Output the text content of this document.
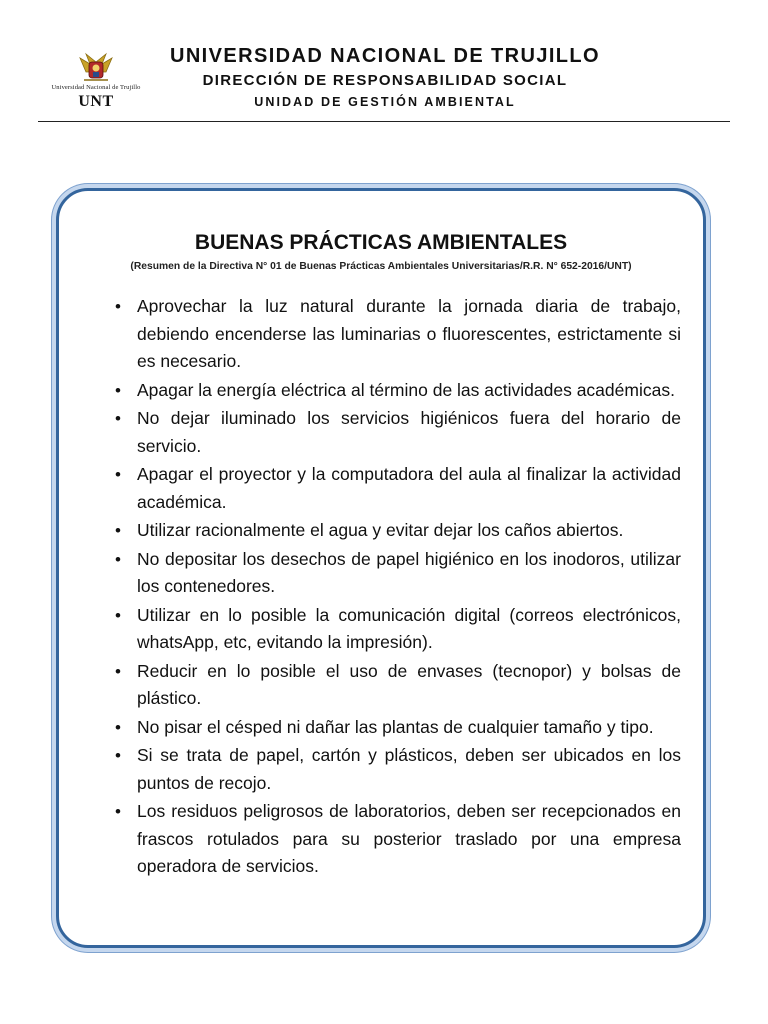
Universidad Nacional de Trujillo
UNT
UNIVERSIDAD NACIONAL DE TRUJILLO
DIRECCIÓN DE RESPONSABILIDAD SOCIAL
UNIDAD DE GESTIÓN AMBIENTAL
BUENAS PRÁCTICAS AMBIENTALES
(Resumen de la Directiva N° 01 de Buenas Prácticas Ambientales Universitarias/R.R. N° 652-2016/UNT)
• Aprovechar la luz natural durante la jornada diaria de trabajo, debiendo encenderse las luminarias o fluorescentes, estrictamente si es necesario.
• Apagar la energía eléctrica al término de las actividades académicas.
• No dejar iluminado los servicios higiénicos fuera del horario de servicio.
• Apagar el proyector y la computadora del aula al finalizar la actividad académica.
• Utilizar racionalmente el agua y evitar dejar los caños abiertos.
• No depositar los desechos de papel higiénico en los inodoros, utilizar los contenedores.
• Utilizar en lo posible la comunicación digital (correos electrónicos, whatsApp, etc, evitando la impresión).
• Reducir en lo posible el uso de envases (tecnopor) y bolsas de plástico.
• No pisar el césped ni dañar las plantas de cualquier tamaño y tipo.
• Si se trata de papel, cartón y plásticos, deben ser ubicados en los puntos de recojo.
• Los residuos peligrosos de laboratorios, deben ser recepcionados en frascos rotulados para su posterior traslado por una empresa operadora de servicios.
